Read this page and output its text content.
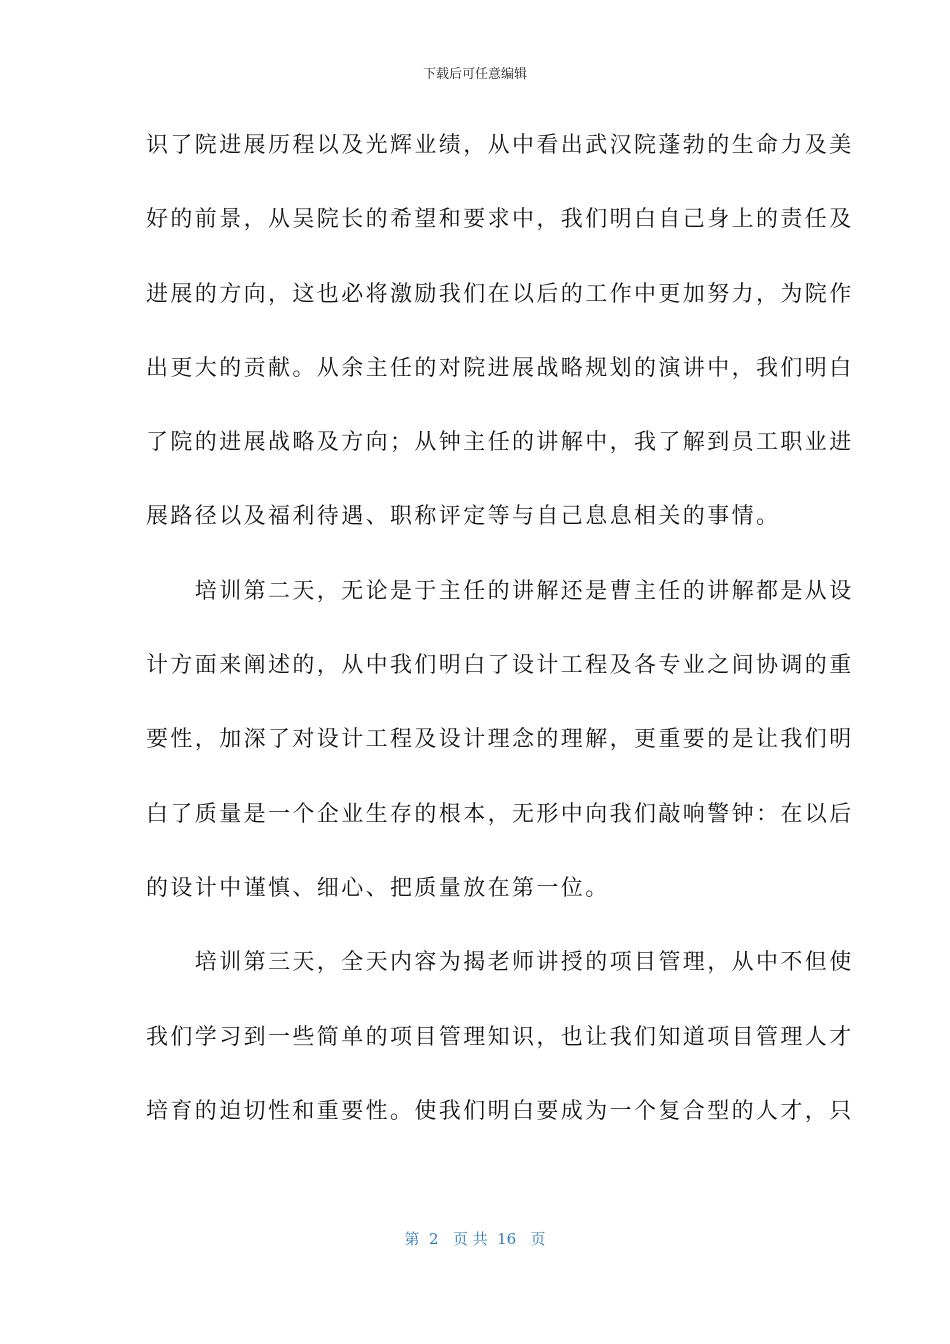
下载后可任意编辑
识了院进展历程以及光辉业绩，从中看出武汉院蓬勃的生命力及美
好的前景，从吴院长的希望和要求中，我们明白自己身上的责任及
进展的方向，这也必将激励我们在以后的工作中更加努力，为院作
出更大的贡献。从余主任的对院进展战略规划的演讲中，我们明白
了院的进展战略及方向；从钟主任的讲解中，我了解到员工职业进
展路径以及福利待遇、职称评定等与自己息息相关的事情。
　　培训第二天，无论是于主任的讲解还是曹主任的讲解都是从设
计方面来阐述的，从中我们明白了设计工程及各专业之间协调的重
要性，加深了对设计工程及设计理念的理解，更重要的是让我们明
白了质量是一个企业生存的根本，无形中向我们敲响警钟：在以后
的设计中谨慎、细心、把质量放在第一位。
　　培训第三天，全天内容为揭老师讲授的项目管理，从中不但使
我们学习到一些简单的项目管理知识，也让我们知道项目管理人才
培育的迫切性和重要性。使我们明白要成为一个复合型的人才，只
第  2   页 共  16   页
